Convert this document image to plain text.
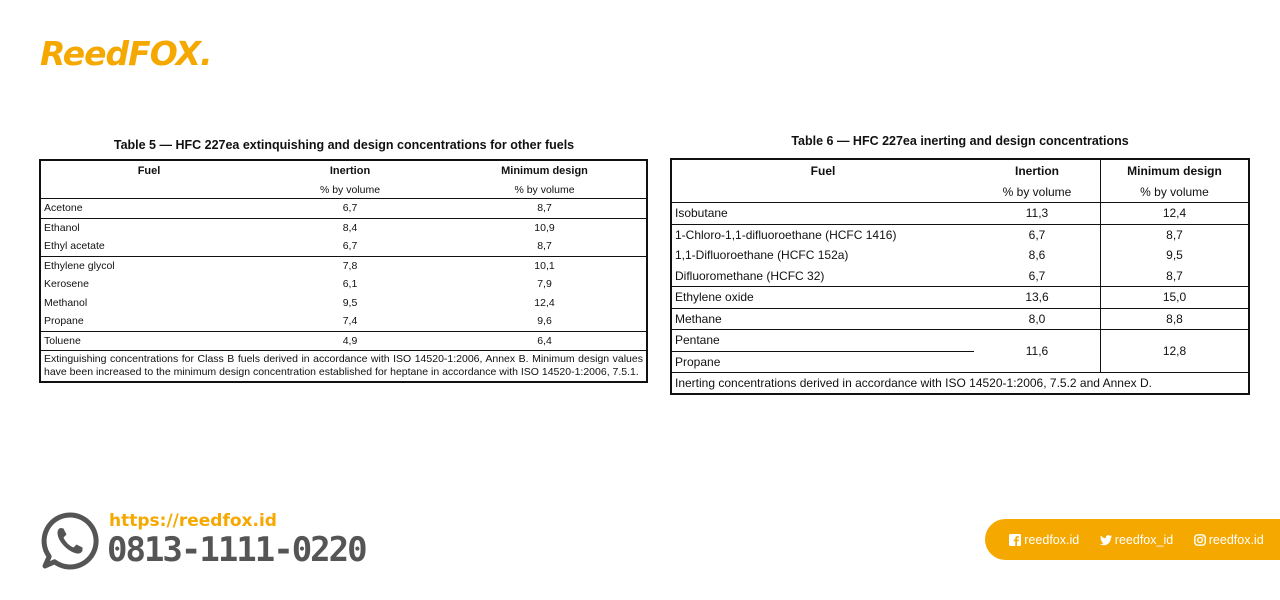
ReedFOX.
Table 5 — HFC 227ea extinquishing and design concentrations for other fuels
Fuel	Inertion	Minimum design
	% by volume	% by volume
Acetone	6,7	8,7
Ethanol	8,4	10,9
Ethyl acetate	6,7	8,7
Ethylene glycol	7,8	10,1
Kerosene	6,1	7,9
Methanol	9,5	12,4
Propane	7,4	9,6
Toluene	4,9	6,4
Extinguishing concentrations for Class B fuels derived in accordance with ISO 14520-1:2006, Annex B. Minimum design values have been increased to the minimum design concentration established for heptane in accordance with ISO 14520-1:2006, 7.5.1.		
Table 6 — HFC 227ea inerting and design concentrations
Fuel	Inertion	Minimum design
	% by volume	% by volume
Isobutane	11,3	12,4
1-Chloro-1,1-difluoroethane (HCFC 1416)	6,7	8,7
1,1-Difluoroethane (HCFC 152a)	8,6	9,5
Difluoromethane (HCFC 32)	6,7	8,7
Ethylene oxide	13,6	15,0
Methane	8,0	8,8
Pentane	11,6	12,8
Propane		
Inerting concentrations derived in accordance with ISO 14520-1:2006, 7.5.2 and Annex D.		
https://reedfox.id
0813-1111-0220	reedfox.id	reedfox_id	reedfox.id
